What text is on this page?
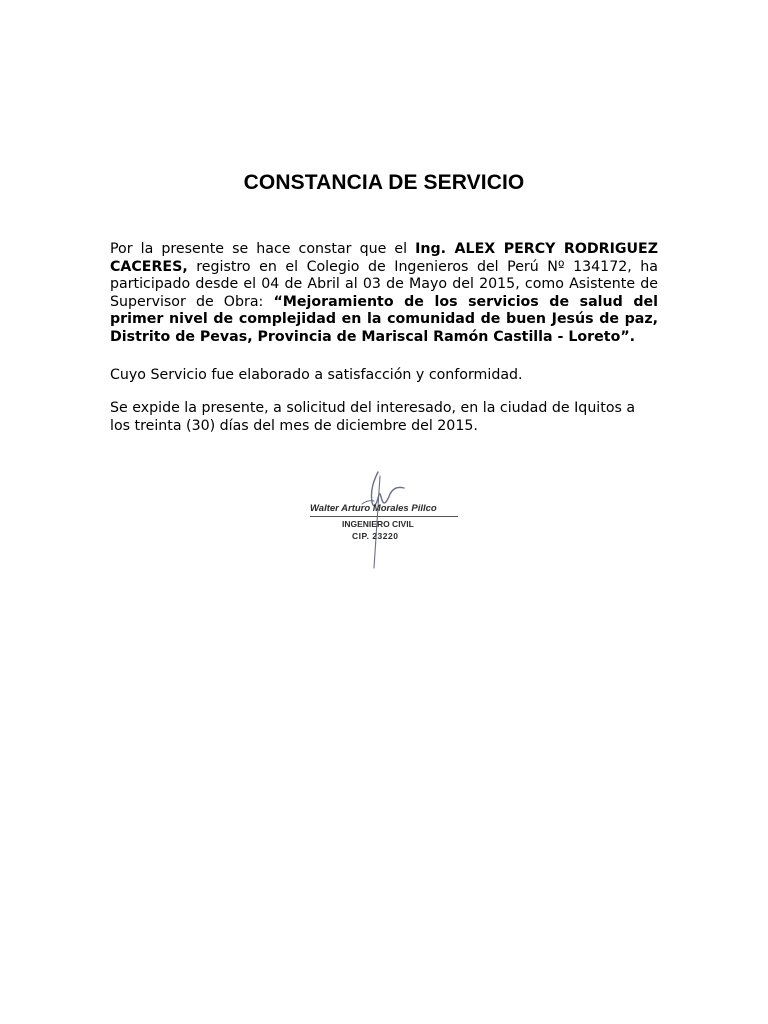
CONSTANCIA DE SERVICIO
Por la presente se hace constar que el Ing. ALEX PERCY RODRIGUEZ CACERES, registro en el Colegio de Ingenieros del Perú Nº 134172, ha participado desde el 04 de Abril al 03 de Mayo del 2015, como Asistente de Supervisor de Obra: “Mejoramiento de los servicios de salud del primer nivel de complejidad en la comunidad de buen Jesús de paz, Distrito de Pevas, Provincia de Mariscal Ramón Castilla - Loreto”.
Cuyo Servicio fue elaborado a satisfacción y conformidad.
Se expide la presente, a solicitud del interesado, en la ciudad de Iquitos a los treinta (30) días del mes de diciembre del 2015.
Walter Arturo Morales Pillco
INGENIERO CIVIL
CIP. 23220
